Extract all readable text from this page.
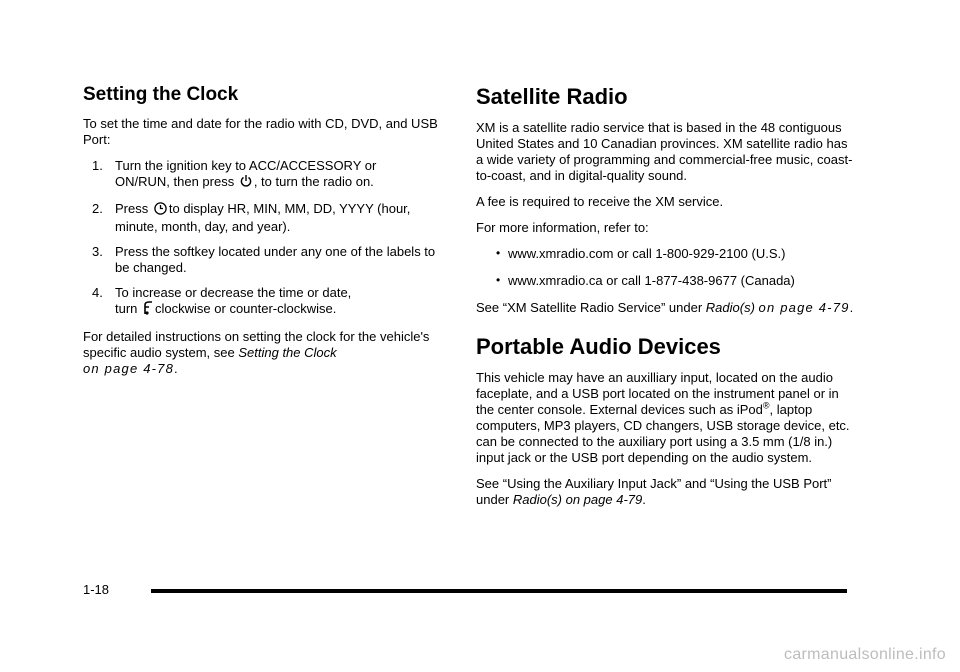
Setting the Clock

To set the time and date for the radio with CD, DVD, and USB Port:

1. Turn the ignition key to ACC/ACCESSORY or
ON/RUN, then press , to turn the radio on.
2. Press to display HR, MIN, MM, DD, YYYY (hour, minute, month, day, and year).
3. Press the softkey located under any one of the labels to be changed.
4. To increase or decrease the time or date,
turn clockwise or counter-clockwise.

For detailed instructions on setting the clock for the vehicle's specific audio system, see Setting the Clock
on page 4-78.

Satellite Radio

XM is a satellite radio service that is based in the 48 contiguous United States and 10 Canadian provinces. XM satellite radio has a wide variety of programming and commercial-free music, coast-to-coast, and in digital-quality sound.

A fee is required to receive the XM service.

For more information, refer to:

• www.xmradio.com or call 1-800-929-2100 (U.S.)
• www.xmradio.ca or call 1-877-438-9677 (Canada)

See “XM Satellite Radio Service” under Radio(s) on page 4-79.

Portable Audio Devices

This vehicle may have an auxilliary input, located on the audio faceplate, and a USB port located on the instrument panel or in the center console. External devices such as iPod®, laptop computers, MP3 players, CD changers, USB storage device, etc. can be connected to the auxiliary port using a 3.5 mm (1/8 in.) input jack or the USB port depending on the audio system.

See “Using the Auxiliary Input Jack” and “Using the USB Port” under Radio(s) on page 4-79.

1-18
carmanualsonline.info
